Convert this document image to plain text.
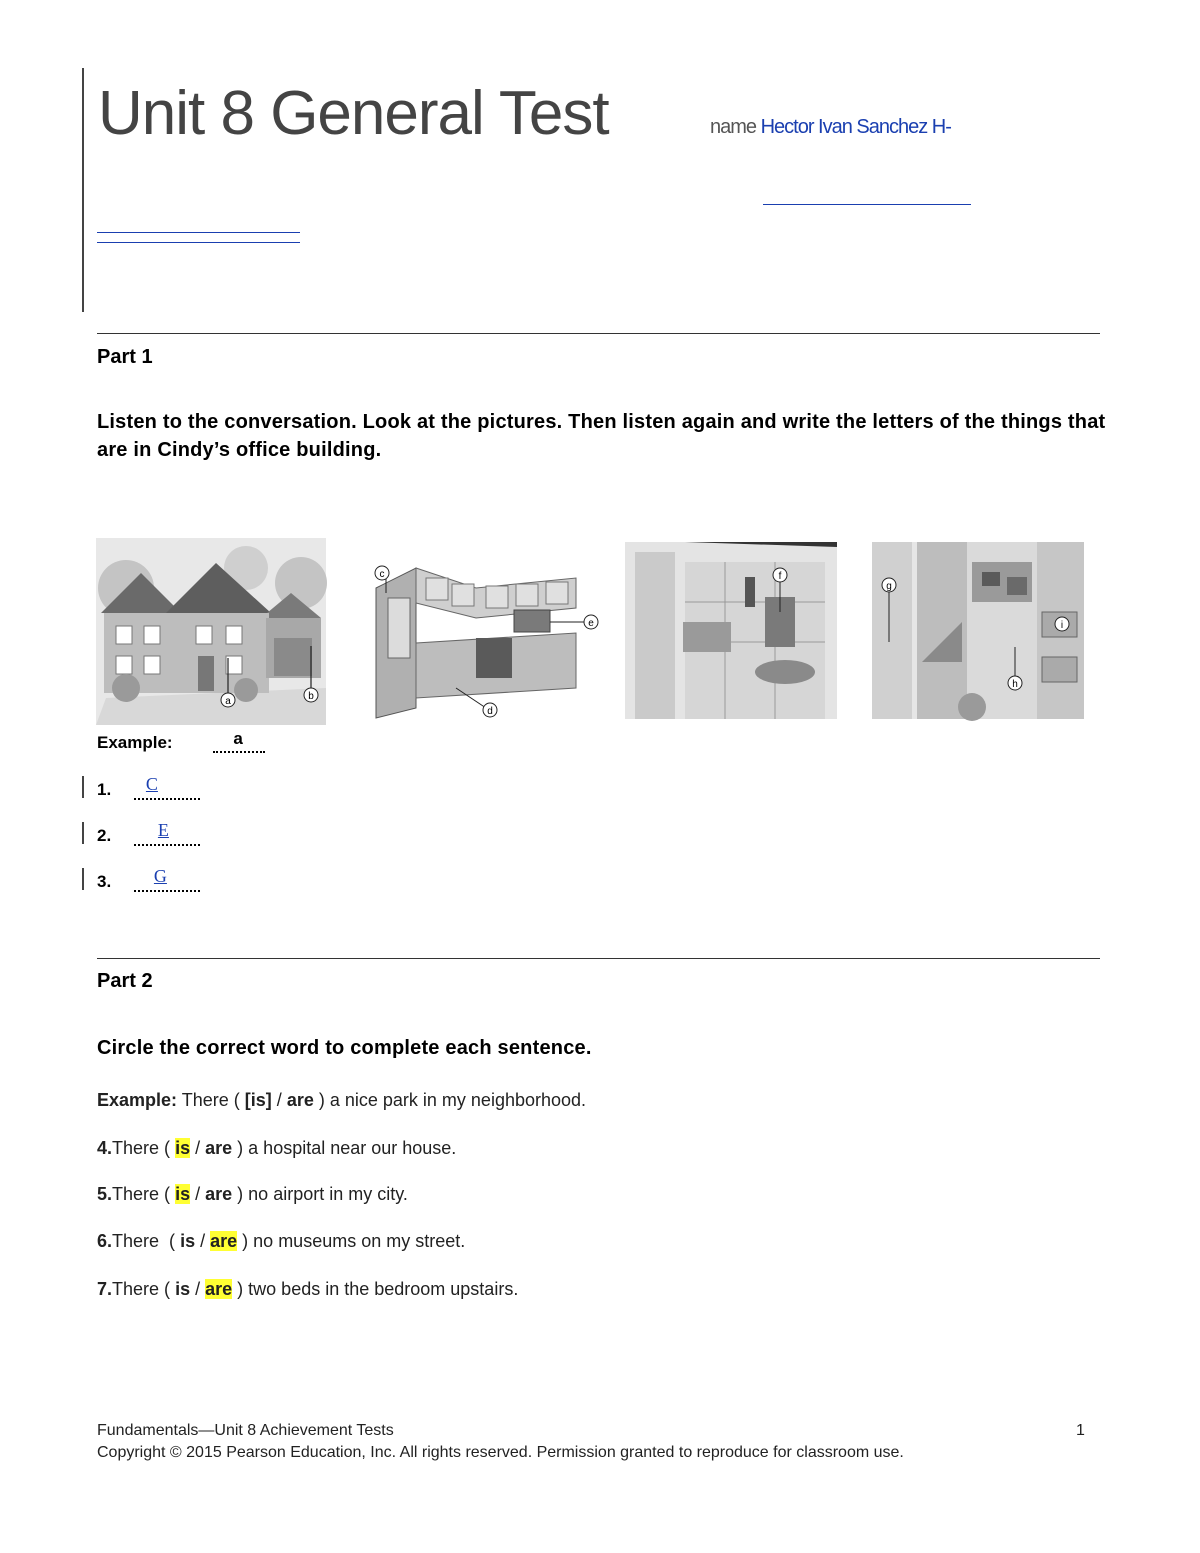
Unit 8 General Test	name Hector Ivan Sanchez H-
Part 1
Listen to the conversation. Look at the pictures. Then listen again and write the letters of the things that are in Cindy’s office building.
a	b
c
d
e
f
g
h
i
Example:	a
1. C
2.	E
3. G
Part 2
Circle the correct word to complete each sentence.
Example: There ( [is] / are ) a nice park in my neighborhood.
4.There ( is / are ) a hospital near our house.
5.There ( is / are ) no airport in my city.
6.There  ( is / are ) no museums on my street.
7.There ( is / are ) two beds in the bedroom upstairs.
Fundamentals—Unit 8 Achievement Tests	1
Copyright © 2015 Pearson Education, Inc. All rights reserved. Permission granted to reproduce for classroom use.
